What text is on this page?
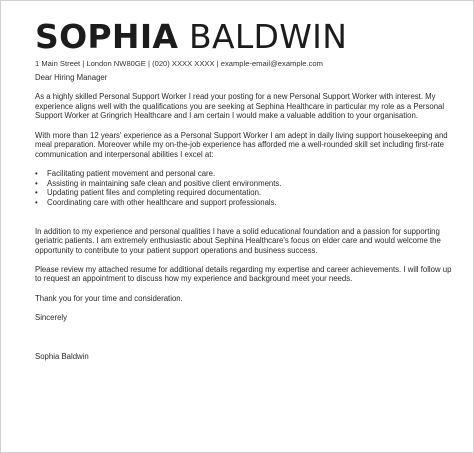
SOPHIA BALDWIN
1 Main Street | London NW80GE | (020) XXXX XXXX | example-email@example.com

Dear Hiring Manager

As a highly skilled Personal Support Worker I read your posting for a new Personal Support Worker with interest. My experience aligns well with the qualifications you are seeking at Sephina Healthcare in particular my role as a Personal Support Worker at Gringrich Healthcare and I am certain I would make a valuable addition to your organisation.

With more than 12 years' experience as a Personal Support Worker I am adept in daily living support housekeeping and meal preparation. Moreover while my on-the-job experience has afforded me a well-rounded skill set including first-rate communication and interpersonal abilities I excel at:

• Facilitating patient movement and personal care.
• Assisting in maintaining safe clean and positive client environments.
• Updating patient files and completing required documentation.
• Coordinating care with other healthcare and support professionals.

In addition to my experience and personal qualities I have a solid educational foundation and a passion for supporting geriatric patients. I am extremely enthusiastic about Sephina Healthcare's focus on elder care and would welcome the opportunity to contribute to your patient support operations and business success.

Please review my attached resume for additional details regarding my expertise and career achievements. I will follow up to request an appointment to discuss how my experience and background meet your needs.

Thank you for your time and consideration.

Sincerely

Sophia Baldwin
